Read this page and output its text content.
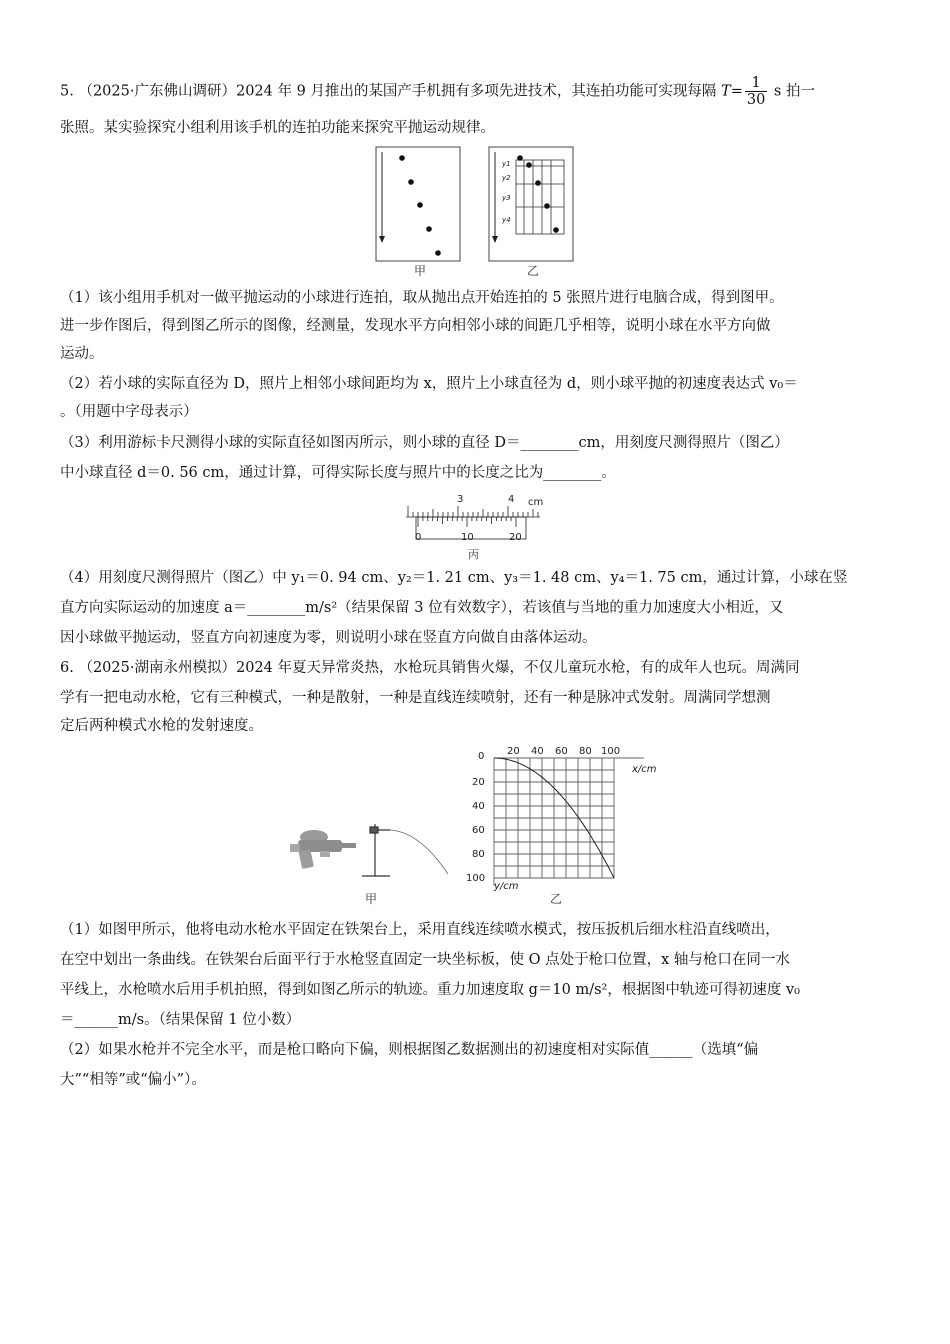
5. （2025·广东佛山调研）2024 年 9 月推出的某国产手机拥有多项先进技术，其连拍功能可实现每隔 $T= \frac{1}{30}$ s 拍一
张照。某实验探究小组利用该手机的连拍功能来探究平抛运动规律。
甲
y1
y2
y3
y4
乙
（1）该小组用手机对一做平抛运动的小球进行连拍，取从抛出点开始连拍的 5 张照片进行电脑合成，得到图甲。
进一步作图后，得到图乙所示的图像，经测量，发现水平方向相邻小球的间距几乎相等，说明小球在水平方向做
运动。
（2）若小球的实际直径为 D，照片上相邻小球间距均为 x，照片上小球直径为 d，则小球平抛的初速度表达式 v₀＝
。（用题中字母表示）
（3）利用游标卡尺测得小球的实际直径如图丙所示，则小球的直径 D＝________cm，用刻度尺测得照片（图乙）
中小球直径 d＝0. 56 cm，通过计算，可得实际长度与照片中的长度之比为________。
3	4 cm
0	10	20
丙
（4）用刻度尺测得照片（图乙）中 y₁＝0. 94 cm、y₂＝1. 21 cm、y₃＝1. 48 cm、y₄＝1. 75 cm，通过计算，小球在竖
直方向实际运动的加速度 a＝________m/s²（结果保留 3 位有效数字），若该值与当地的重力加速度大小相近，又
因小球做平抛运动，竖直方向初速度为零，则说明小球在竖直方向做自由落体运动。
6. （2025·湖南永州模拟）2024 年夏天异常炎热，水枪玩具销售火爆，不仅儿童玩水枪，有的成年人也玩。周满同
学有一把电动水枪，它有三种模式，一种是散射，一种是直线连续喷射，还有一种是脉冲式发射。周满同学想测
定后两种模式水枪的发射速度。
甲
0 20 40 60 80 100
x/cm
20
40
60
80
100
y/cm
乙
（1）如图甲所示，他将电动水枪水平固定在铁架台上，采用直线连续喷水模式，按压扳机后细水柱沿直线喷出，
在空中划出一条曲线。在铁架台后面平行于水枪竖直固定一块坐标板，使 O 点处于枪口位置，x 轴与枪口在同一水
平线上，水枪喷水后用手机拍照，得到如图乙所示的轨迹。重力加速度取 g＝10 m/s²，根据图中轨迹可得初速度 v₀
＝______m/s。（结果保留 1 位小数）
（2）如果水枪并不完全水平，而是枪口略向下偏，则根据图乙数据测出的初速度相对实际值______（选填“偏
大”“相等”或“偏小”）。
